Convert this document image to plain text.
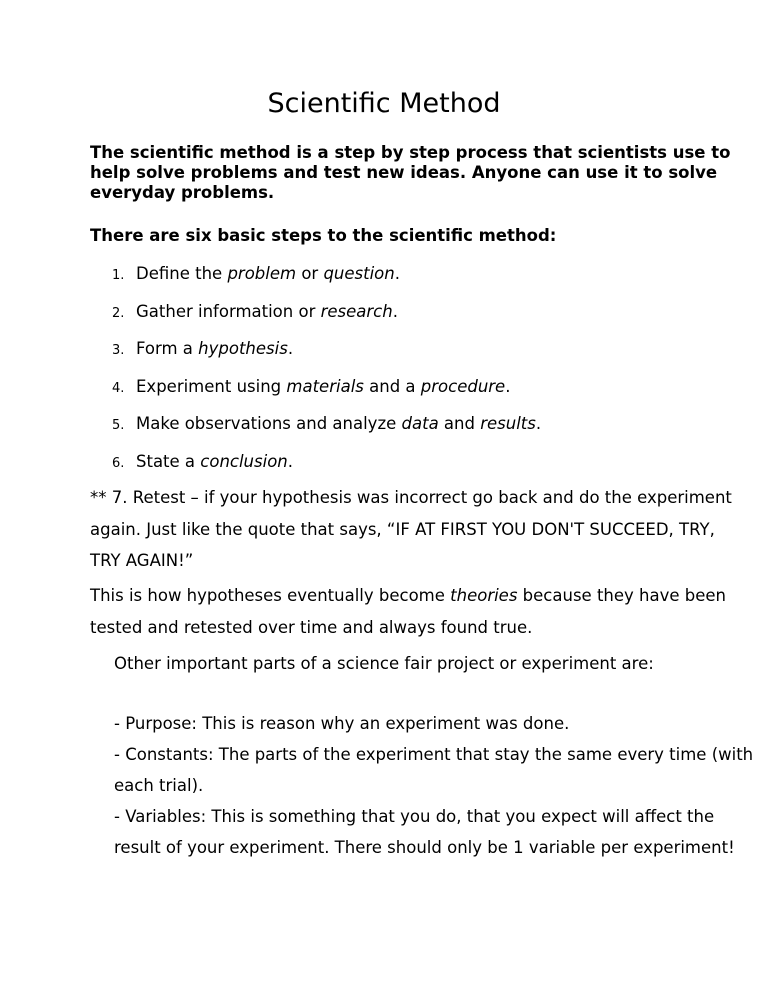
Scientific Method

The scientific method is a step by step process that scientists use to help solve problems and test new ideas. Anyone can use it to solve everyday problems.

There are six basic steps to the scientific method:

1. Define the problem or question.
2. Gather information or research.
3. Form a hypothesis.
4. Experiment using materials and a procedure.
5. Make observations and analyze data and results.
6. State a conclusion.

** 7. Retest – if your hypothesis was incorrect go back and do the experiment again. Just like the quote that says, “IF AT FIRST YOU DON'T SUCCEED, TRY, TRY AGAIN!”

This is how hypotheses eventually become theories because they have been tested and retested over time and always found true.

Other important parts of a science fair project or experiment are:

- Purpose: This is reason why an experiment was done.
- Constants: The parts of the experiment that stay the same every time (with each trial).
- Variables: This is something that you do, that you expect will affect the result of your experiment. There should only be 1 variable per experiment!
